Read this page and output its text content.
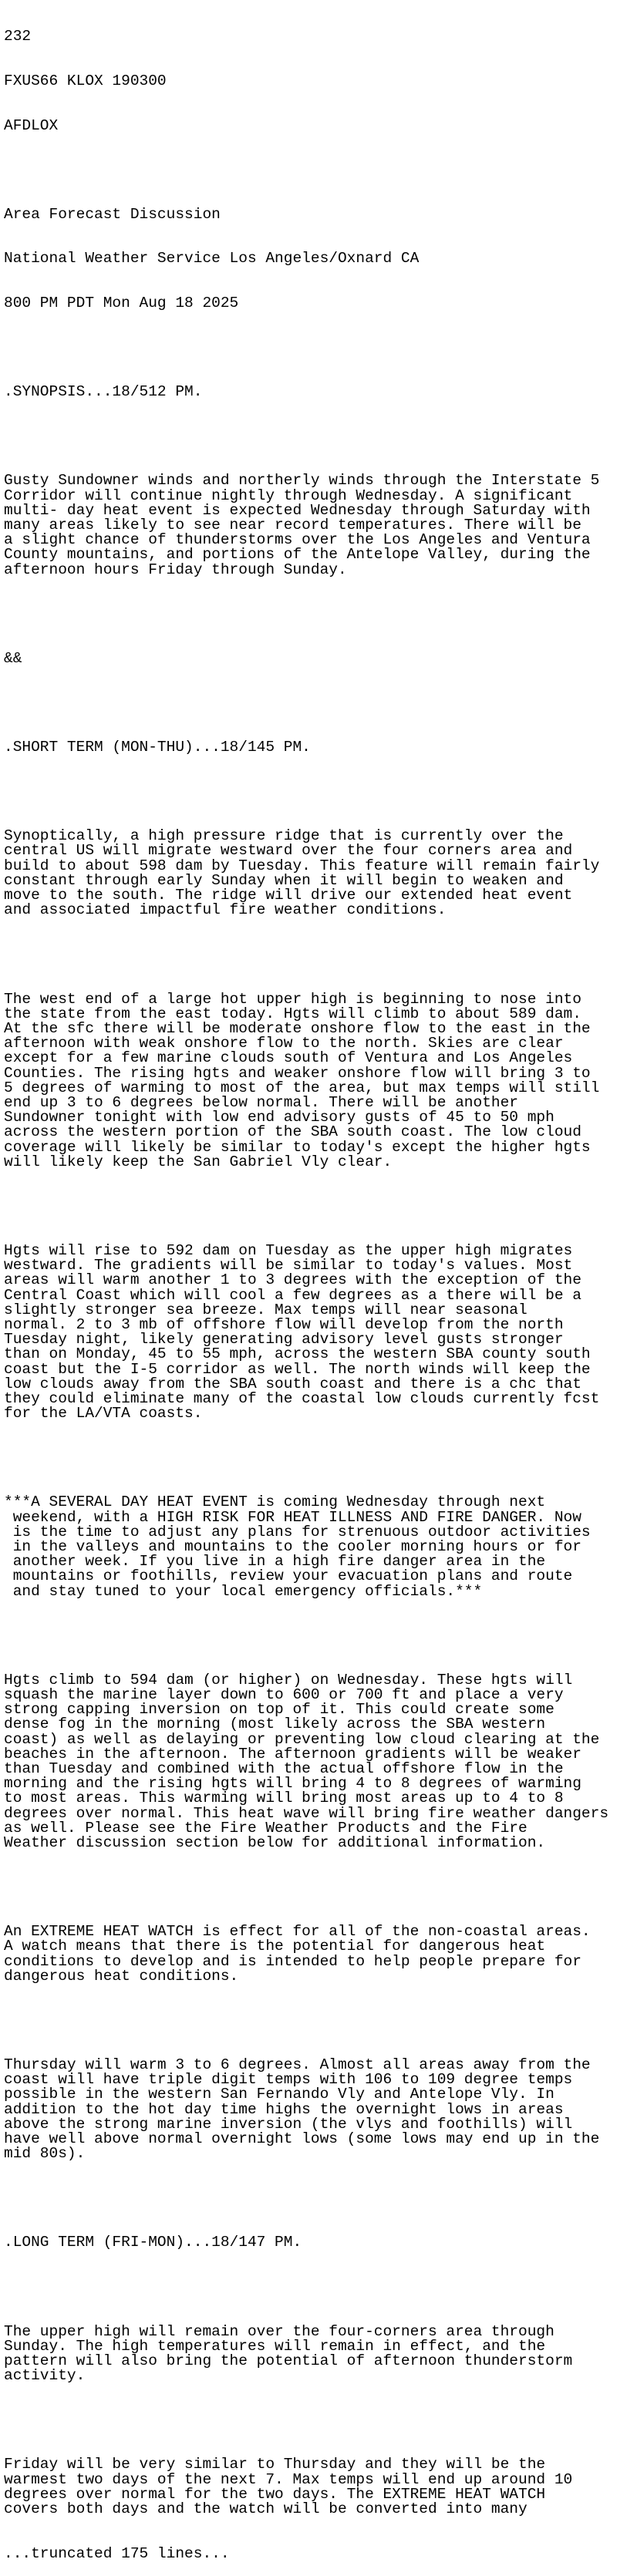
232

FXUS66 KLOX 190300

AFDLOX

Area Forecast Discussion

National Weather Service Los Angeles/Oxnard CA

800 PM PDT Mon Aug 18 2025

.SYNOPSIS...18/512 PM.

Gusty Sundowner winds and northerly winds through the Interstate 5
Corridor will continue nightly through Wednesday. A significant
multi- day heat event is expected Wednesday through Saturday with
many areas likely to see near record temperatures. There will be
a slight chance of thunderstorms over the Los Angeles and Ventura
County mountains, and portions of the Antelope Valley, during the
afternoon hours Friday through Sunday.

&&

.SHORT TERM (MON-THU)...18/145 PM.

Synoptically, a high pressure ridge that is currently over the
central US will migrate westward over the four corners area and
build to about 598 dam by Tuesday. This feature will remain fairly
constant through early Sunday when it will begin to weaken and
move to the south. The ridge will drive our extended heat event
and associated impactful fire weather conditions.

The west end of a large hot upper high is beginning to nose into
the state from the east today. Hgts will climb to about 589 dam.
At the sfc there will be moderate onshore flow to the east in the
afternoon with weak onshore flow to the north. Skies are clear
except for a few marine clouds south of Ventura and Los Angeles
Counties. The rising hgts and weaker onshore flow will bring 3 to
5 degrees of warming to most of the area, but max temps will still
end up 3 to 6 degrees below normal. There will be another
Sundowner tonight with low end advisory gusts of 45 to 50 mph
across the western portion of the SBA south coast. The low cloud
coverage will likely be similar to today's except the higher hgts
will likely keep the San Gabriel Vly clear.

Hgts will rise to 592 dam on Tuesday as the upper high migrates
westward. The gradients will be similar to today's values. Most
areas will warm another 1 to 3 degrees with the exception of the
Central Coast which will cool a few degrees as a there will be a
slightly stronger sea breeze. Max temps will near seasonal
normal. 2 to 3 mb of offshore flow will develop from the north
Tuesday night, likely generating advisory level gusts stronger
than on Monday, 45 to 55 mph, across the western SBA county south
coast but the I-5 corridor as well. The north winds will keep the
low clouds away from the SBA south coast and there is a chc that
they could eliminate many of the coastal low clouds currently fcst
for the LA/VTA coasts.

***A SEVERAL DAY HEAT EVENT is coming Wednesday through next
weekend, with a HIGH RISK FOR HEAT ILLNESS AND FIRE DANGER. Now
is the time to adjust any plans for strenuous outdoor activities
in the valleys and mountains to the cooler morning hours or for
another week. If you live in a high fire danger area in the
mountains or foothills, review your evacuation plans and route
and stay tuned to your local emergency officials.***

Hgts climb to 594 dam (or higher) on Wednesday. These hgts will
squash the marine layer down to 600 or 700 ft and place a very
strong capping inversion on top of it. This could create some
dense fog in the morning (most likely across the SBA western
coast) as well as delaying or preventing low cloud clearing at the
beaches in the afternoon. The afternoon gradients will be weaker
than Tuesday and combined with the actual offshore flow in the
morning and the rising hgts will bring 4 to 8 degrees of warming
to most areas. This warming will bring most areas up to 4 to 8
degrees over normal. This heat wave will bring fire weather dangers
as well. Please see the Fire Weather Products and the Fire
Weather discussion section below for additional information.

An EXTREME HEAT WATCH is effect for all of the non-coastal areas.
A watch means that there is the potential for dangerous heat
conditions to develop and is intended to help people prepare for
dangerous heat conditions.

Thursday will warm 3 to 6 degrees. Almost all areas away from the
coast will have triple digit temps with 106 to 109 degree temps
possible in the western San Fernando Vly and Antelope Vly. In
addition to the hot day time highs the overnight lows in areas
above the strong marine inversion (the vlys and foothills) will
have well above normal overnight lows (some lows may end up in the
mid 80s).

.LONG TERM (FRI-MON)...18/147 PM.

The upper high will remain over the four-corners area through
Sunday. The high temperatures will remain in effect, and the
pattern will also bring the potential of afternoon thunderstorm
activity.

Friday will be very similar to Thursday and they will be the
warmest two days of the next 7. Max temps will end up around 10
degrees over normal for the two days. The EXTREME HEAT WATCH
covers both days and the watch will be converted into many

...truncated 175 lines...
